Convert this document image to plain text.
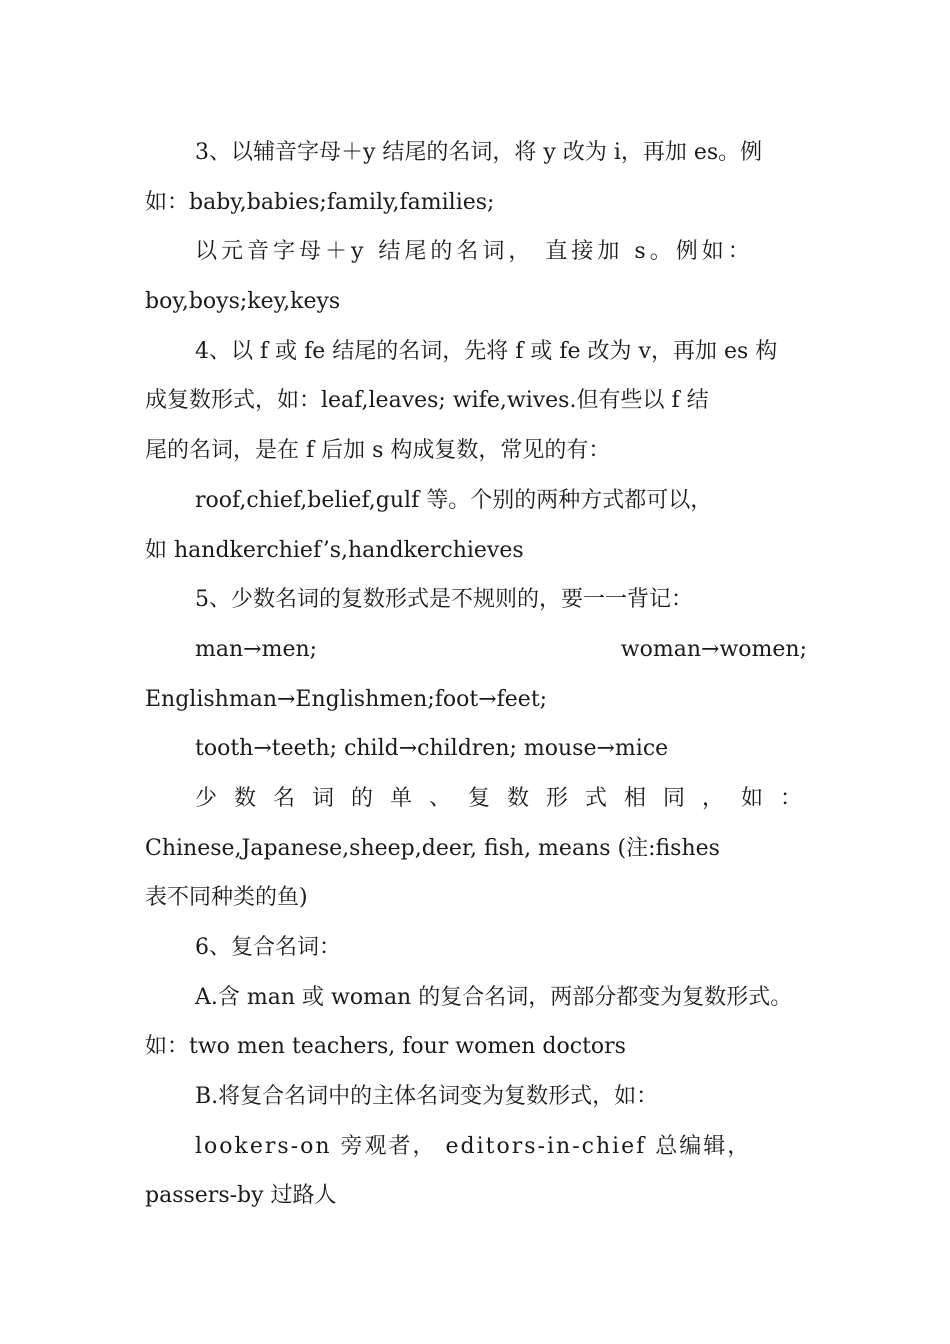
3、以辅音字母＋y 结尾的名词，将 y 改为 i，再加 es。例
如：baby,babies;family,families;
以元音字母＋y 结尾的名词， 直接加 s。例如：
boy,boys;key,keys
4、以 f 或 fe 结尾的名词，先将 f 或 fe 改为 v，再加 es 构
成复数形式，如：leaf,leaves; wife,wives.但有些以 f 结
尾的名词，是在 f 后加 s 构成复数，常见的有：
roof,chief,belief,gulf 等。个别的两种方式都可以，
如 handkerchief’s,handkerchieves
5、少数名词的复数形式是不规则的，要一一背记：
man→men;	woman→women;
Englishman→Englishmen;foot→feet;
tooth→teeth; child→children; mouse→mice
少数名词的单、复数形式相同，如：
Chinese,Japanese,sheep,deer, fish, means (注:fishes
表不同种类的鱼)
6、复合名词：
A.含 man 或 woman 的复合名词，两部分都变为复数形式。
如：two men teachers, four women doctors
B.将复合名词中的主体名词变为复数形式，如：
lookers-on 旁观者， editors-in-chief 总编辑，
passers-by 过路人
